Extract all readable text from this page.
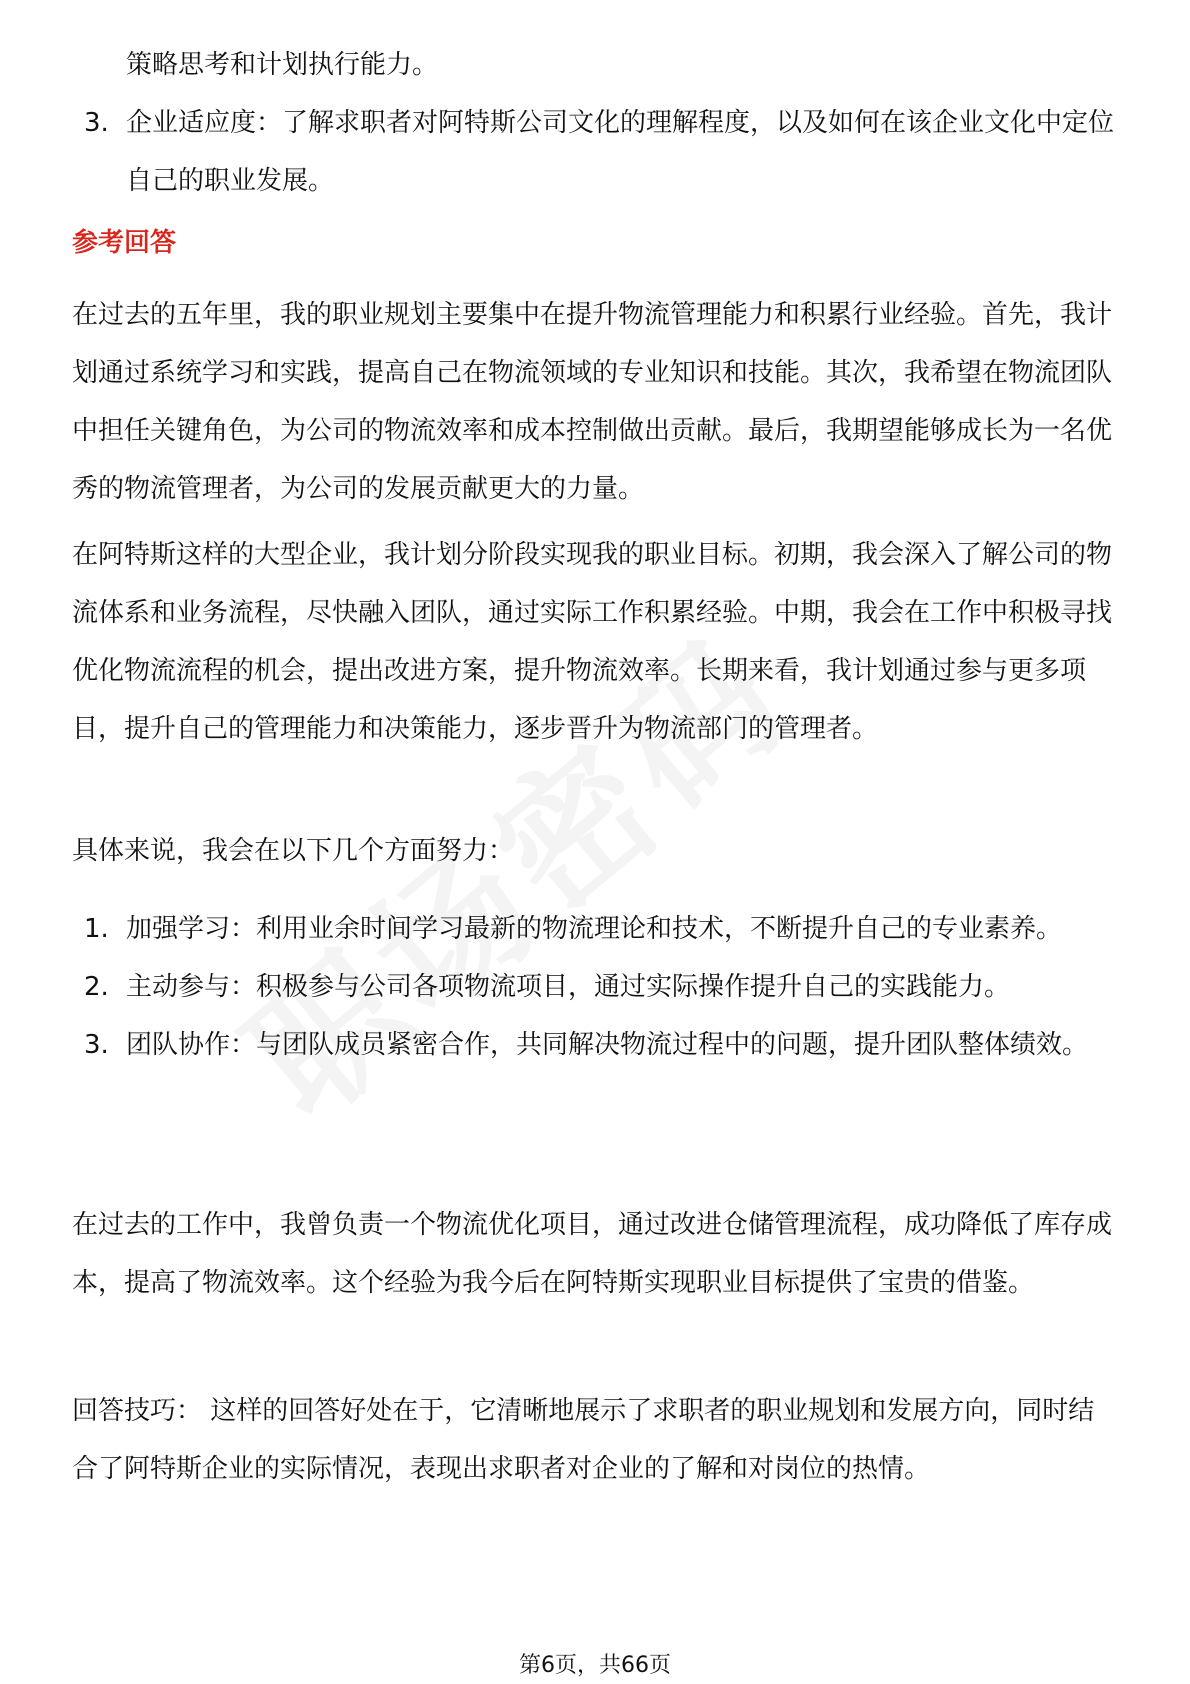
策略思考和计划执行能力。
3. 企业适应度：了解求职者对阿特斯公司文化的理解程度，以及如何在该企业文化中定位自己的职业发展。
参考回答
在过去的五年里，我的职业规划主要集中在提升物流管理能力和积累行业经验。首先，我计划通过系统学习和实践，提高自己在物流领域的专业知识和技能。其次，我希望在物流团队中担任关键角色，为公司的物流效率和成本控制做出贡献。最后，我期望能够成长为一名优秀的物流管理者，为公司的发展贡献更大的力量。
在阿特斯这样的大型企业，我计划分阶段实现我的职业目标。初期，我会深入了解公司的物流体系和业务流程，尽快融入团队，通过实际工作积累经验。中期，我会在工作中积极寻找优化物流流程的机会，提出改进方案，提升物流效率。长期来看，我计划通过参与更多项目，提升自己的管理能力和决策能力，逐步晋升为物流部门的管理者。
具体来说，我会在以下几个方面努力：
1. 加强学习：利用业余时间学习最新的物流理论和技术，不断提升自己的专业素养。
2. 主动参与：积极参与公司各项物流项目，通过实际操作提升自己的实践能力。
3. 团队协作：与团队成员紧密合作，共同解决物流过程中的问题，提升团队整体绩效。
在过去的工作中，我曾负责一个物流优化项目，通过改进仓储管理流程，成功降低了库存成本，提高了物流效率。这个经验为我今后在阿特斯实现职业目标提供了宝贵的借鉴。
回答技巧： 这样的回答好处在于，它清晰地展示了求职者的职业规划和发展方向，同时结合了阿特斯企业的实际情况，表现出求职者对企业的了解和对岗位的热情。
第6页，共66页
